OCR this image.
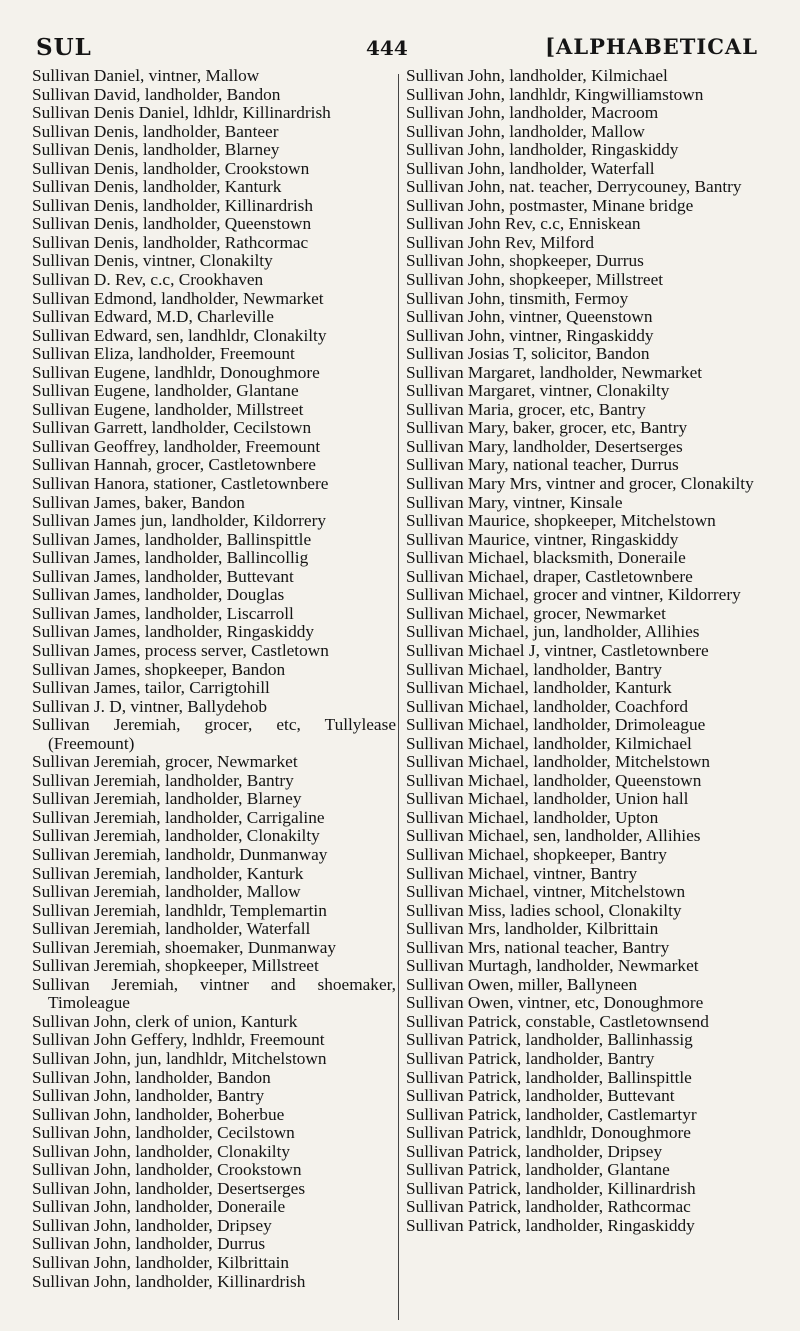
SUL	444	[ALPHABETICAL
Sullivan Daniel, vintner, Mallow
Sullivan David, landholder, Bandon
Sullivan Denis Daniel, ldhldr, Killinardrish
Sullivan Denis, landholder, Banteer
Sullivan Denis, landholder, Blarney
Sullivan Denis, landholder, Crookstown
Sullivan Denis, landholder, Kanturk
Sullivan Denis, landholder, Killinardrish
Sullivan Denis, landholder, Queenstown
Sullivan Denis, landholder, Rathcormac
Sullivan Denis, vintner, Clonakilty
Sullivan D. Rev, c.c, Crookhaven
Sullivan Edmond, landholder, Newmarket
Sullivan Edward, M.D, Charleville
Sullivan Edward, sen, landhldr, Clonakilty
Sullivan Eliza, landholder, Freemount
Sullivan Eugene, landhldr, Donoughmore
Sullivan Eugene, landholder, Glantane
Sullivan Eugene, landholder, Millstreet
Sullivan Garrett, landholder, Cecilstown
Sullivan Geoffrey, landholder, Freemount
Sullivan Hannah, grocer, Castletownbere
Sullivan Hanora, stationer, Castletownbere
Sullivan James, baker, Bandon
Sullivan James jun, landholder, Kildorrery
Sullivan James, landholder, Ballinspittle
Sullivan James, landholder, Ballincollig
Sullivan James, landholder, Buttevant
Sullivan James, landholder, Douglas
Sullivan James, landholder, Liscarroll
Sullivan James, landholder, Ringaskiddy
Sullivan James, process server, Castletown
Sullivan James, shopkeeper, Bandon
Sullivan James, tailor, Carrigtohill
Sullivan J. D, vintner, Ballydehob
Sullivan Jeremiah, grocer, etc, Tullylease (Freemount)
Sullivan Jeremiah, grocer, Newmarket
Sullivan Jeremiah, landholder, Bantry
Sullivan Jeremiah, landholder, Blarney
Sullivan Jeremiah, landholder, Carrigaline
Sullivan Jeremiah, landholder, Clonakilty
Sullivan Jeremiah, landholdr, Dunmanway
Sullivan Jeremiah, landholder, Kanturk
Sullivan Jeremiah, landholder, Mallow
Sullivan Jeremiah, landhldr, Templemartin
Sullivan Jeremiah, landholder, Waterfall
Sullivan Jeremiah, shoemaker, Dunmanway
Sullivan Jeremiah, shopkeeper, Millstreet
Sullivan Jeremiah, vintner and shoemaker, Timoleague
Sullivan John, clerk of union, Kanturk
Sullivan John Geffery, lndhldr, Freemount
Sullivan John, jun, landhldr, Mitchelstown
Sullivan John, landholder, Bandon
Sullivan John, landholder, Bantry
Sullivan John, landholder, Boherbue
Sullivan John, landholder, Cecilstown
Sullivan John, landholder, Clonakilty
Sullivan John, landholder, Crookstown
Sullivan John, landholder, Desertserges
Sullivan John, landholder, Doneraile
Sullivan John, landholder, Dripsey
Sullivan John, landholder, Durrus
Sullivan John, landholder, Kilbrittain
Sullivan John, landholder, Killinardrish
Sullivan John, landholder, Kilmichael
Sullivan John, landhldr, Kingwilliamstown
Sullivan John, landholder, Macroom
Sullivan John, landholder, Mallow
Sullivan John, landholder, Ringaskiddy
Sullivan John, landholder, Waterfall
Sullivan John, nat. teacher, Derrycouney, Bantry
Sullivan John, postmaster, Minane bridge
Sullivan John Rev, c.c, Enniskean
Sullivan John Rev, Milford
Sullivan John, shopkeeper, Durrus
Sullivan John, shopkeeper, Millstreet
Sullivan John, tinsmith, Fermoy
Sullivan John, vintner, Queenstown
Sullivan John, vintner, Ringaskiddy
Sullivan Josias T, solicitor, Bandon
Sullivan Margaret, landholder, Newmarket
Sullivan Margaret, vintner, Clonakilty
Sullivan Maria, grocer, etc, Bantry
Sullivan Mary, baker, grocer, etc, Bantry
Sullivan Mary, landholder, Desertserges
Sullivan Mary, national teacher, Durrus
Sullivan Mary Mrs, vintner and grocer, Clonakilty
Sullivan Mary, vintner, Kinsale
Sullivan Maurice, shopkeeper, Mitchelstown
Sullivan Maurice, vintner, Ringaskiddy
Sullivan Michael, blacksmith, Doneraile
Sullivan Michael, draper, Castletownbere
Sullivan Michael, grocer and vintner, Kildorrery
Sullivan Michael, grocer, Newmarket
Sullivan Michael, jun, landholder, Allihies
Sullivan Michael J, vintner, Castletownbere
Sullivan Michael, landholder, Bantry
Sullivan Michael, landholder, Kanturk
Sullivan Michael, landholder, Coachford
Sullivan Michael, landholder, Drimoleague
Sullivan Michael, landholder, Kilmichael
Sullivan Michael, landholder, Mitchelstown
Sullivan Michael, landholder, Queenstown
Sullivan Michael, landholder, Union hall
Sullivan Michael, landholder, Upton
Sullivan Michael, sen, landholder, Allihies
Sullivan Michael, shopkeeper, Bantry
Sullivan Michael, vintner, Bantry
Sullivan Michael, vintner, Mitchelstown
Sullivan Miss, ladies school, Clonakilty
Sullivan Mrs, landholder, Kilbrittain
Sullivan Mrs, national teacher, Bantry
Sullivan Murtagh, landholder, Newmarket
Sullivan Owen, miller, Ballyneen
Sullivan Owen, vintner, etc, Donoughmore
Sullivan Patrick, constable, Castletownsend
Sullivan Patrick, landholder, Ballinhassig
Sullivan Patrick, landholder, Bantry
Sullivan Patrick, landholder, Ballinspittle
Sullivan Patrick, landholder, Buttevant
Sullivan Patrick, landholder, Castlemartyr
Sullivan Patrick, landhldr, Donoughmore
Sullivan Patrick, landholder, Dripsey
Sullivan Patrick, landholder, Glantane
Sullivan Patrick, landholder, Killinardrish
Sullivan Patrick, landholder, Rathcormac
Sullivan Patrick, landholder, Ringaskiddy
